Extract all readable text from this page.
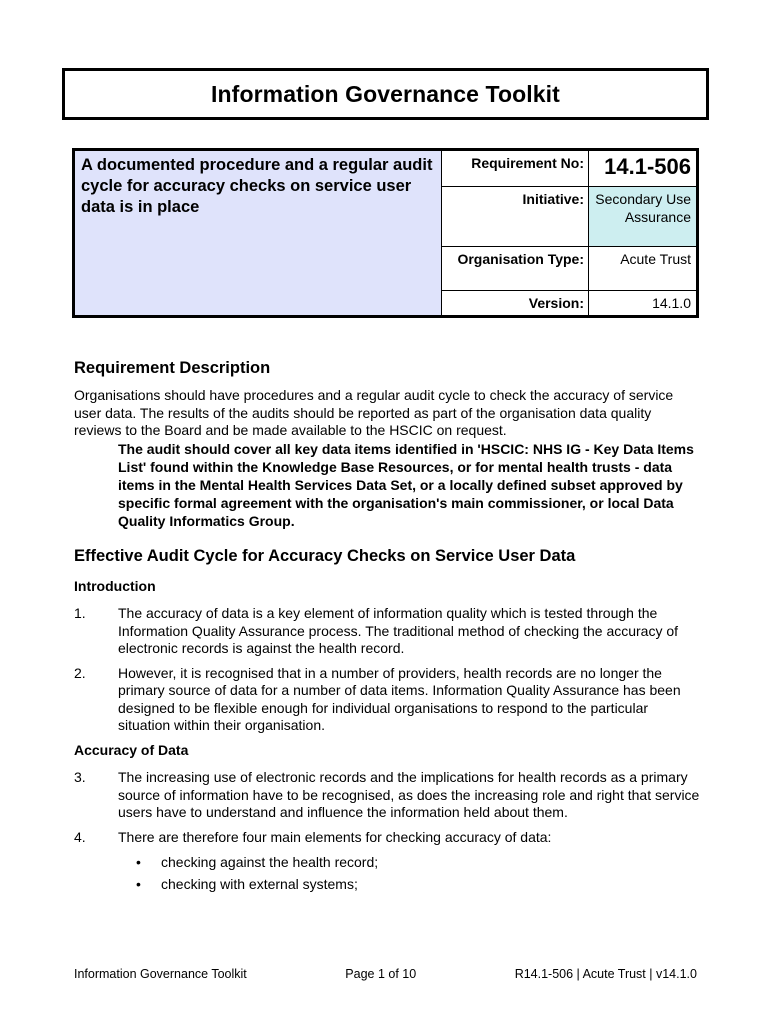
Information Governance Toolkit
A documented procedure and a regular audit cycle for accuracy checks on service user data is in place
Requirement No: 14.1-506
Initiative: Secondary Use Assurance
Organisation Type:	Acute Trust
Version:	14.1.0
Requirement Description

Organisations should have procedures and a regular audit cycle to check the accuracy of service user data. The results of the audits should be reported as part of the organisation data quality reviews to the Board and be made available to the HSCIC on request.

The audit should cover all key data items identified in 'HSCIC: NHS IG - Key Data Items List' found within the Knowledge Base Resources, or for mental health trusts - data items in the Mental Health Services Data Set, or a locally defined subset approved by specific formal agreement with the organisation's main commissioner, or local Data Quality Informatics Group.

Effective Audit Cycle for Accuracy Checks on Service User Data
Introduction
1.	The accuracy of data is a key element of information quality which is tested through the Information Quality Assurance process. The traditional method of checking the accuracy of electronic records is against the health record.
2.	However, it is recognised that in a number of providers, health records are no longer the primary source of data for a number of data items. Information Quality Assurance has been designed to be flexible enough for individual organisations to respond to the particular situation within their organisation.
Accuracy of Data
3.	The increasing use of electronic records and the implications for health records as a primary source of information have to be recognised, as does the increasing role and right that service users have to understand and influence the information held about them.
4.	There are therefore four main elements for checking accuracy of data:
•	checking against the health record;
•	checking with external systems;
Information Governance Toolkit	Page 1 of 10	R14.1-506 | Acute Trust | v14.1.0
